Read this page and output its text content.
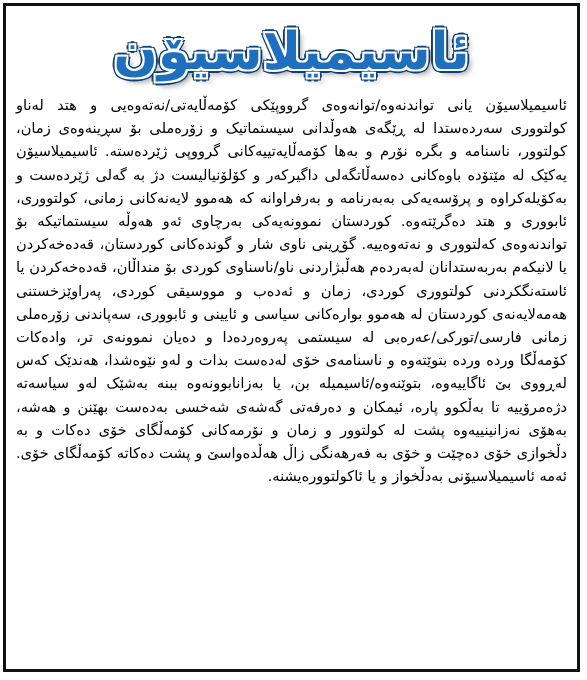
ئاسیمیلاسیۆن
ئاسیمیلاسیۆن یانی تواندنەوە/توانەوەی گرووپێکی کۆمەڵایەتی/نەتەوەیی و هتد لەناو کولتووری سەردەستدا لە ڕێگەی هەوڵدانی سیستماتیک و زۆرەملی بۆ سڕینەوەی زمان، کولتوور، ناسنامە و بگرە نۆرم و بەها کۆمەڵایەتییەکانی گرووپی ژێردەستە. ئاسیمیلاسیۆن یەکێک لە مێتۆدە باوەکانی دەسەڵاتگەلی داگیرکەر و کۆلۆنیالیست دژ بە گەلی ژێردەست و بەکۆیلەکراوە و پرۆسەیەکی بەبەرنامە و بەرفراوانە کە هەموو لایەنەکانی زمانی، کولتووری، ئابووری و هتد دەگرێتەوە. کوردستان نموونەیەکی بەرچاوی ئەو هەوڵە سیستماتیکە بۆ تواندنەوەی کەلتووری و نەتەوەییە. گۆڕینی ناوی شار و گوندەکانی کوردستان، قەدەخەکردن یا لانیکەم بەربەستدانان لەبەردەم هەڵبژاردنی ناو/ناسناوی کوردی بۆ منداڵان، قەدەخەکردن یا ئاستەنگکردنی کولتووری کوردی، زمان و ئەدەب و مووسیقی کوردی، پەراوێزخستنی هەمەلایەنەی کوردستان لە هەموو بوارەکانی سیاسی و ئایینی و ئابووری، سەپاندنی زۆرەملی زمانی فارسی/تورکی/عەرەبی لە سیستمی پەروەردەدا و دەیان نموونەی تر، وادەکات کۆمەڵگا وردە وردە بتوێتەوە و ناسنامەی خۆی لەدەست بدات و لەو نێوەشدا، هەندێک کەس لەڕووی بێ ئاگاییەوە، بتوێنەوە/ئاسیمیلە بن، یا بەزانابوونەوە ببنە بەشێک لەو سیاسەتە دژەمرۆییە تا بەڵکوو پارە، ئیمکان و دەرفەتی گەشەی شەخسی بەدەست بهێنن و هەشە، بەهۆی نەزانینییەوە پشت لە کولتوور و زمان و نۆرمەکانی کۆمەڵگای خۆی دەکات و بە دڵخوازی خۆی دەچێت و خۆی بە فەرهەنگی زاڵ هەڵدەواسێ و پشت دەکاتە کۆمەڵگای خۆی. ئەمە ئاسیمیلاسیۆنی بەدڵخواز و یا ئاکولتوورەیشنە.
